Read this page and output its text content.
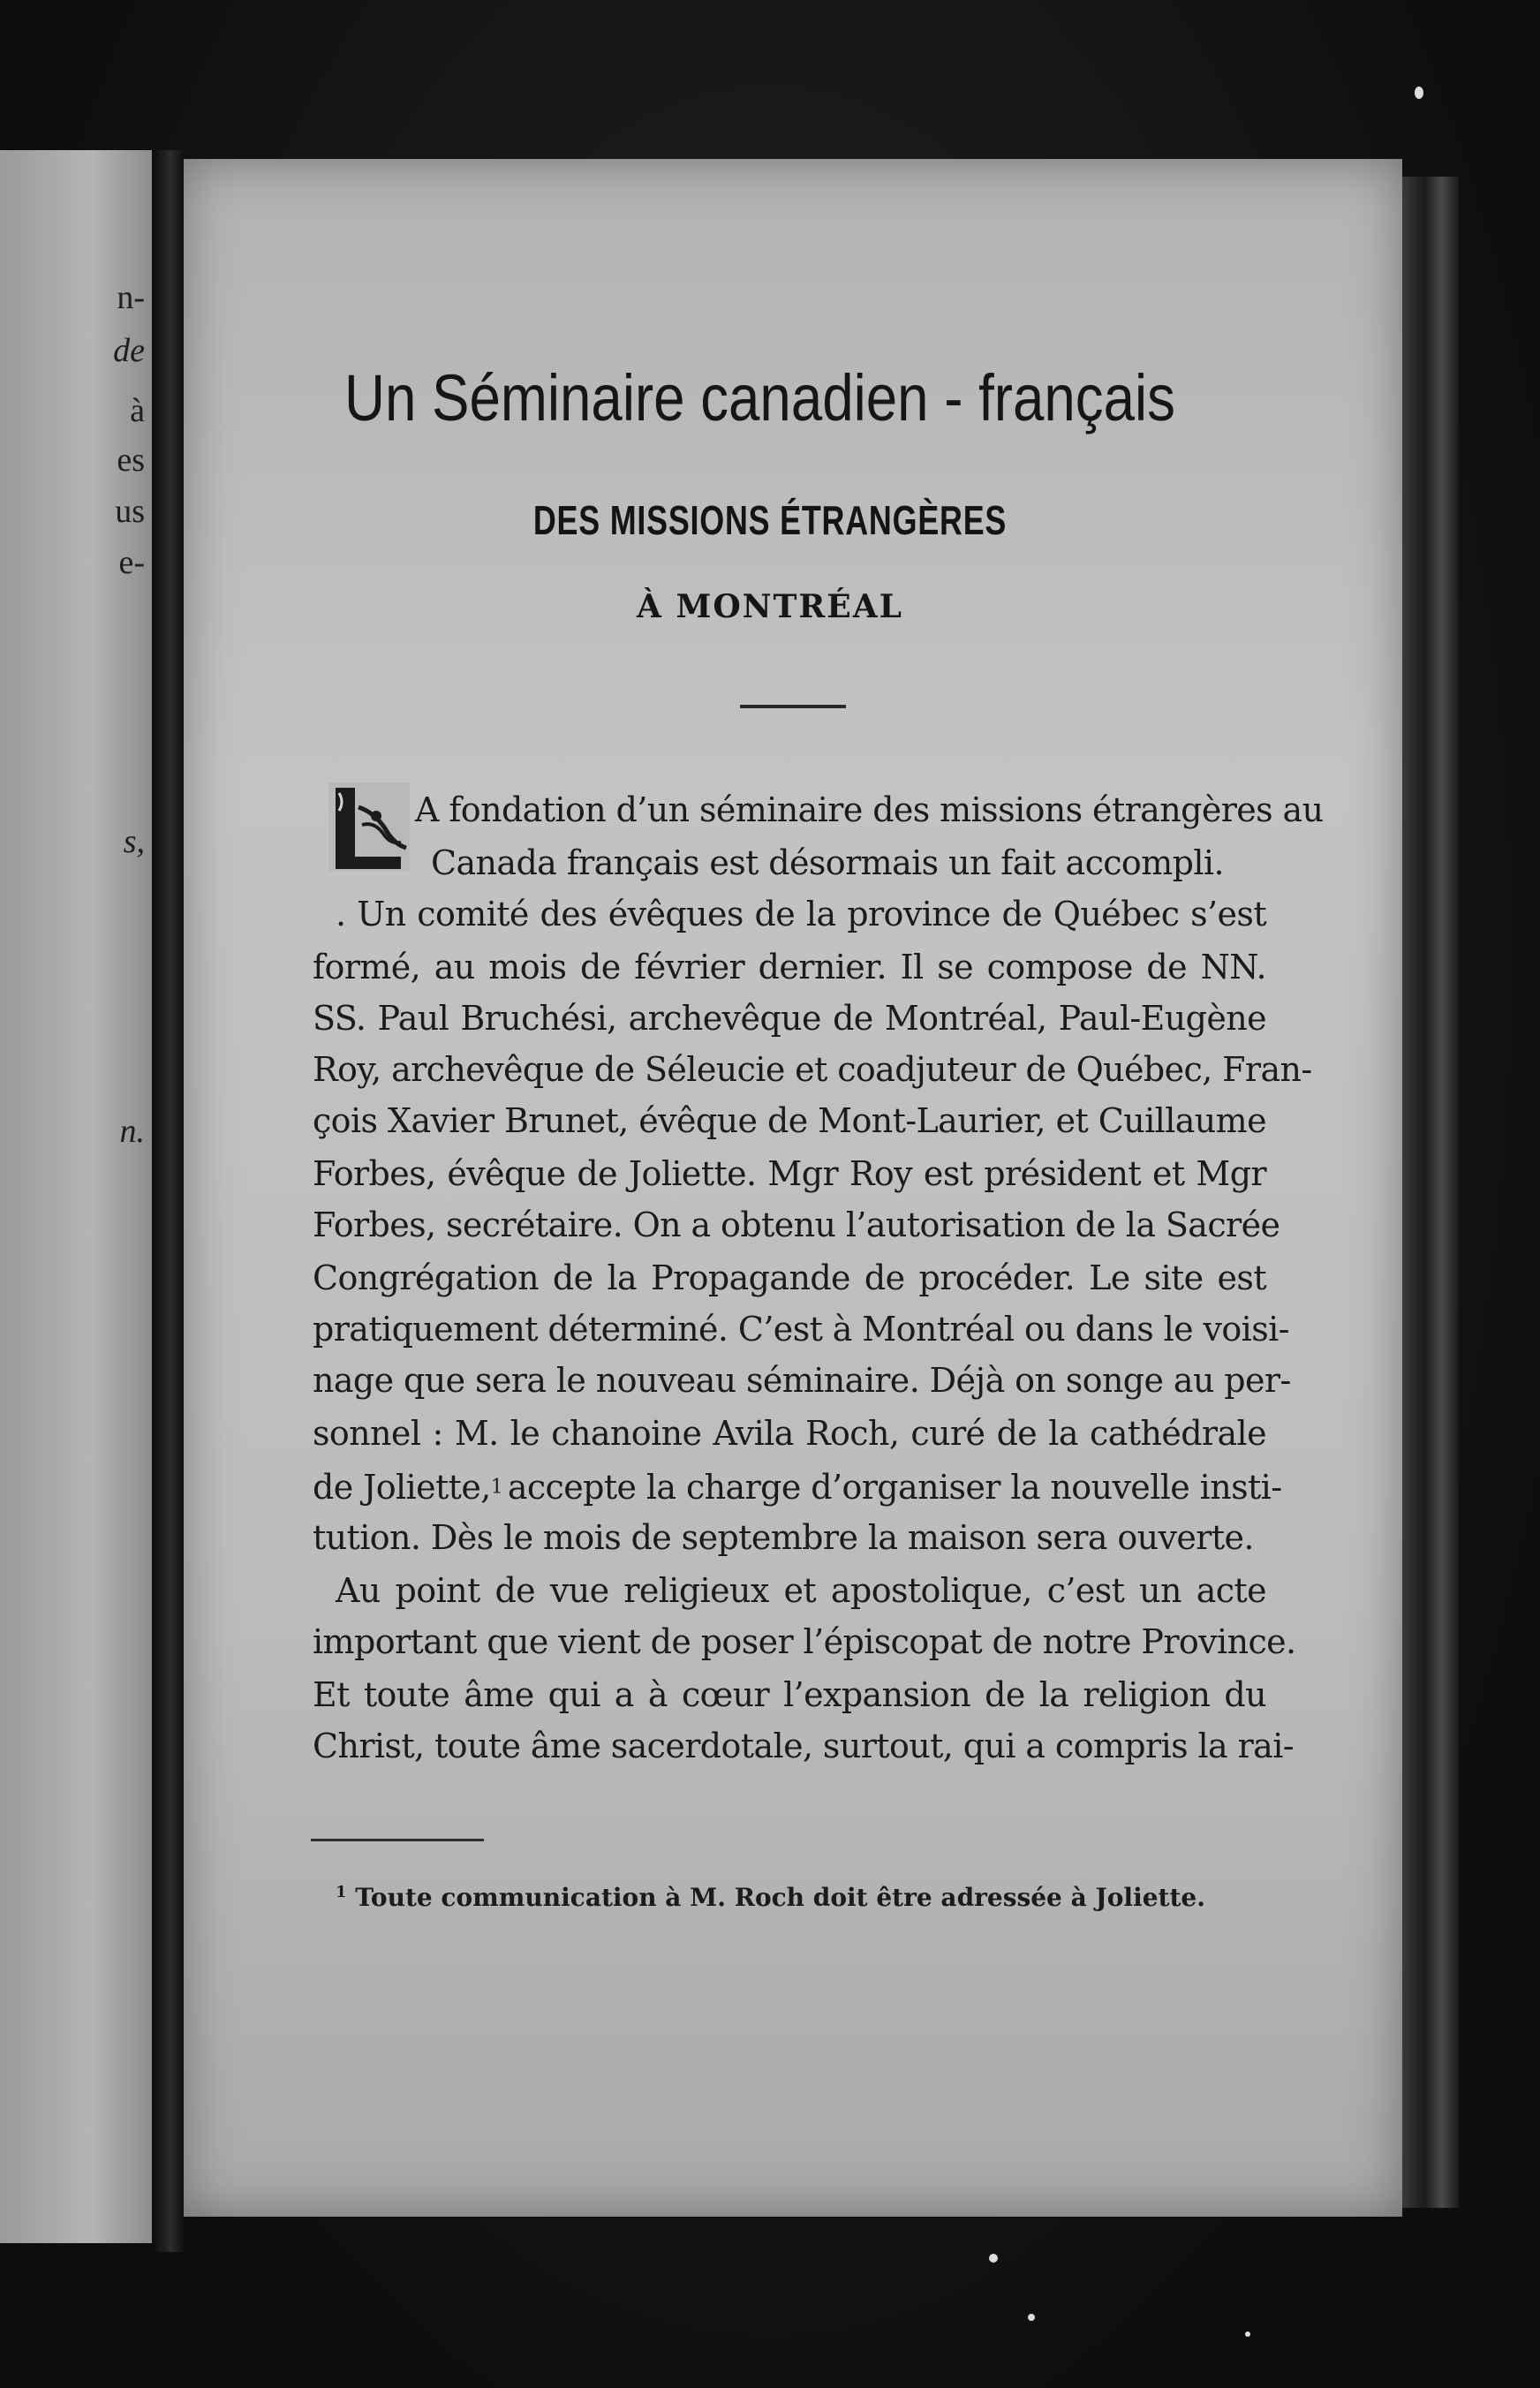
n-
de
à
es
us
e-
s,
n.
Un Séminaire canadien - français
DES MISSIONS ÉTRANGÈRES
À MONTRÉAL
A fondation d’un séminaire des missions étrangères au
Canada français est désormais un fait accompli.
. Un comité des évêques de la province de Québec s’est
formé, au mois de février dernier. Il se compose de NN.
SS. Paul Bruchési, archevêque de Montréal, Paul-Eugène
Roy, archevêque de Séleucie et coadjuteur de Québec, Fran-
çois Xavier Brunet, évêque de Mont-Laurier, et Cuillaume
Forbes, évêque de Joliette. Mgr Roy est président et Mgr
Forbes, secrétaire. On a obtenu l’autorisation de la Sacrée
Congrégation de la Propagande de procéder. Le site est
pratiquement déterminé. C’est à Montréal ou dans le voisi-
nage que sera le nouveau séminaire. Déjà on songe au per-
sonnel : M. le chanoine Avila Roch, curé de la cathédrale
de Joliette,$^1$ accepte la charge d’organiser la nouvelle insti-
tution. Dès le mois de septembre la maison sera ouverte.
Au point de vue religieux et apostolique, c’est un acte
important que vient de poser l’épiscopat de notre Province.
Et toute âme qui a à cœur l’expansion de la religion du
Christ, toute âme sacerdotale, surtout, qui a compris la rai-
$^1$ Toute communication à M. Roch doit être adressée à Joliette.
